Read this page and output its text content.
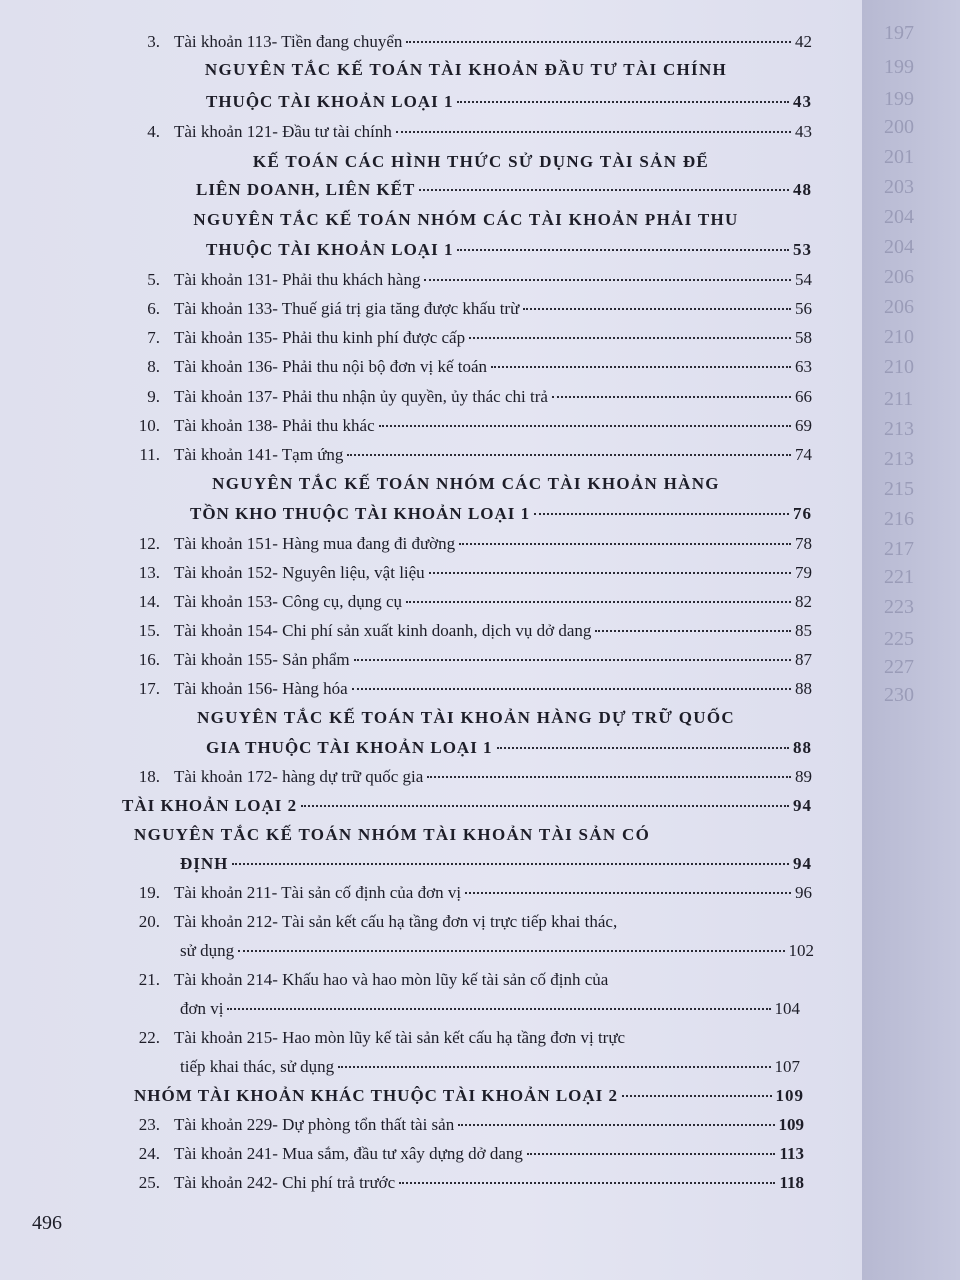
3. Tài khoản 113- Tiền đang chuyển	42
NGUYÊN TẮC KẾ TOÁN TÀI KHOẢN ĐẦU TƯ TÀI CHÍNH
THUỘC TÀI KHOẢN LOẠI 1	43
4. Tài khoản 121- Đầu tư tài chính	43
KẾ TOÁN CÁC HÌNH THỨC SỬ DỤNG TÀI SẢN ĐỂ
LIÊN DOANH, LIÊN KẾT	48
NGUYÊN TẮC KẾ TOÁN NHÓM CÁC TÀI KHOẢN PHẢI THU
THUỘC TÀI KHOẢN LOẠI 1	53
5. Tài khoản 131- Phải thu khách hàng	54
6. Tài khoản 133- Thuế giá trị gia tăng được khấu trừ	56
7. Tài khoản 135- Phải thu kinh phí được cấp	58
8. Tài khoản 136- Phải thu nội bộ đơn vị kế toán	63
9. Tài khoản 137- Phải thu nhận ủy quyền, ủy thác chi trả	66
10. Tài khoản 138- Phải thu khác	69
11. Tài khoản 141- Tạm ứng	74
NGUYÊN TẮC KẾ TOÁN NHÓM CÁC TÀI KHOẢN HÀNG
TỒN KHO THUỘC TÀI KHOẢN LOẠI 1	76
12. Tài khoản 151- Hàng mua đang đi đường	78
13. Tài khoản 152- Nguyên liệu, vật liệu	79
14. Tài khoản 153- Công cụ, dụng cụ	82
15. Tài khoản 154- Chi phí sản xuất kinh doanh, dịch vụ dở dang	85
16. Tài khoản 155- Sản phẩm	87
17. Tài khoản 156- Hàng hóa	88
NGUYÊN TẮC KẾ TOÁN TÀI KHOẢN HÀNG DỰ TRỮ QUỐC
GIA THUỘC TÀI KHOẢN LOẠI 1	88
18. Tài khoản 172- hàng dự trữ quốc gia	89
TÀI KHOẢN LOẠI 2	94
NGUYÊN TẮC KẾ TOÁN NHÓM TÀI KHOẢN TÀI SẢN CÓ
ĐỊNH	94
19. Tài khoản 211- Tài sản cố định của đơn vị	96
20. Tài khoản 212- Tài sản kết cấu hạ tầng đơn vị trực tiếp khai thác,
sử dụng	102
21. Tài khoản 214- Khấu hao và hao mòn lũy kế tài sản cố định của
đơn vị	104
22. Tài khoản 215- Hao mòn lũy kế tài sản kết cấu hạ tầng đơn vị trực
tiếp khai thác, sử dụng	107
NHÓM TÀI KHOẢN KHÁC THUỘC TÀI KHOẢN LOẠI 2	109
23. Tài khoản 229- Dự phòng tổn thất tài sản	109
24. Tài khoản 241- Mua sắm, đầu tư xây dựng dở dang	113
25. Tài khoản 242- Chi phí trả trước	118
496
197
199
199
200
201
203
204
204
206
206
210
210
211
213
213
215
216
217
221
223
225
227
230
